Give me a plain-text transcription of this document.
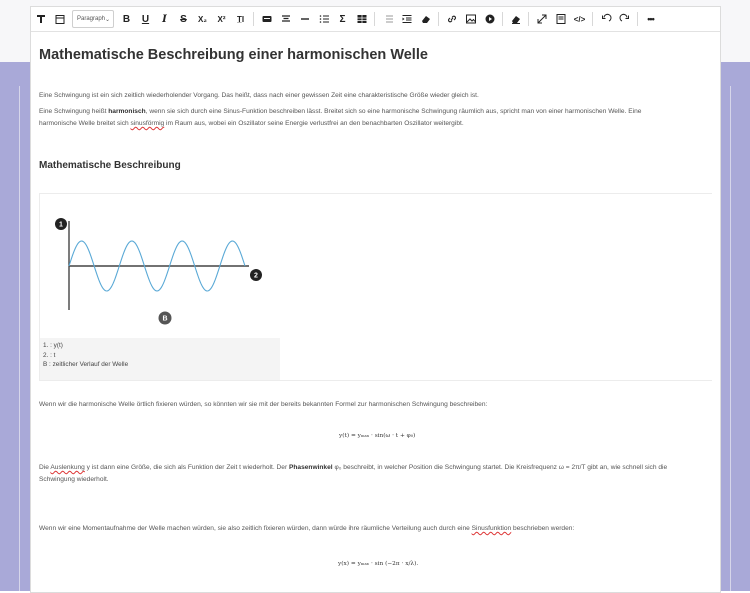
Paragraph ⌄	B	U	I	S	X₂	X²	T̲I	Σ	</>	•••
Mathematische Beschreibung einer harmonischen Welle

Eine Schwingung ist ein sich zeitlich wiederholender Vorgang. Das heißt, dass nach einer gewissen Zeit eine charakteristische Größe wieder gleich ist.

Eine Schwingung heißt harmonisch, wenn sie sich durch eine Sinus-Funktion beschreiben lässt. Breitet sich so eine harmonische Schwingung räumlich aus, spricht man von einer harmonischen Welle. Eine
harmonische Welle breitet sich sinusförmig im Raum aus, wobei ein Oszillator seine Energie verlustfrei an den benachbarten Oszillator weitergibt.

Mathematische Beschreibung
1
2
B
1. : y(t)
2. : t
B : zeitlicher Verlauf der Welle

Wenn wir die harmonische Welle örtlich fixieren würden, so könnten wir sie mit der bereits bekannten Formel zur harmonischen Schwingung beschreiben:

y(t) = yₘₐₓ · sin(ω · t + φ₀)

Die Auslenkung y ist dann eine Größe, die sich als Funktion der Zeit t wiederholt. Der Phasenwinkel φ₀ beschreibt, in welcher Position die Schwingung startet. Die Kreisfrequenz ω = 2π/T gibt an, wie schnell sich die
Schwingung wiederholt.

Wenn wir eine Momentaufnahme der Welle machen würden, sie also zeitlich fixieren würden, dann würde ihre räumliche Verteilung auch durch eine Sinusfunktion beschrieben werden:

y(x) = yₘₐₓ · sin (−2π · x/λ).
